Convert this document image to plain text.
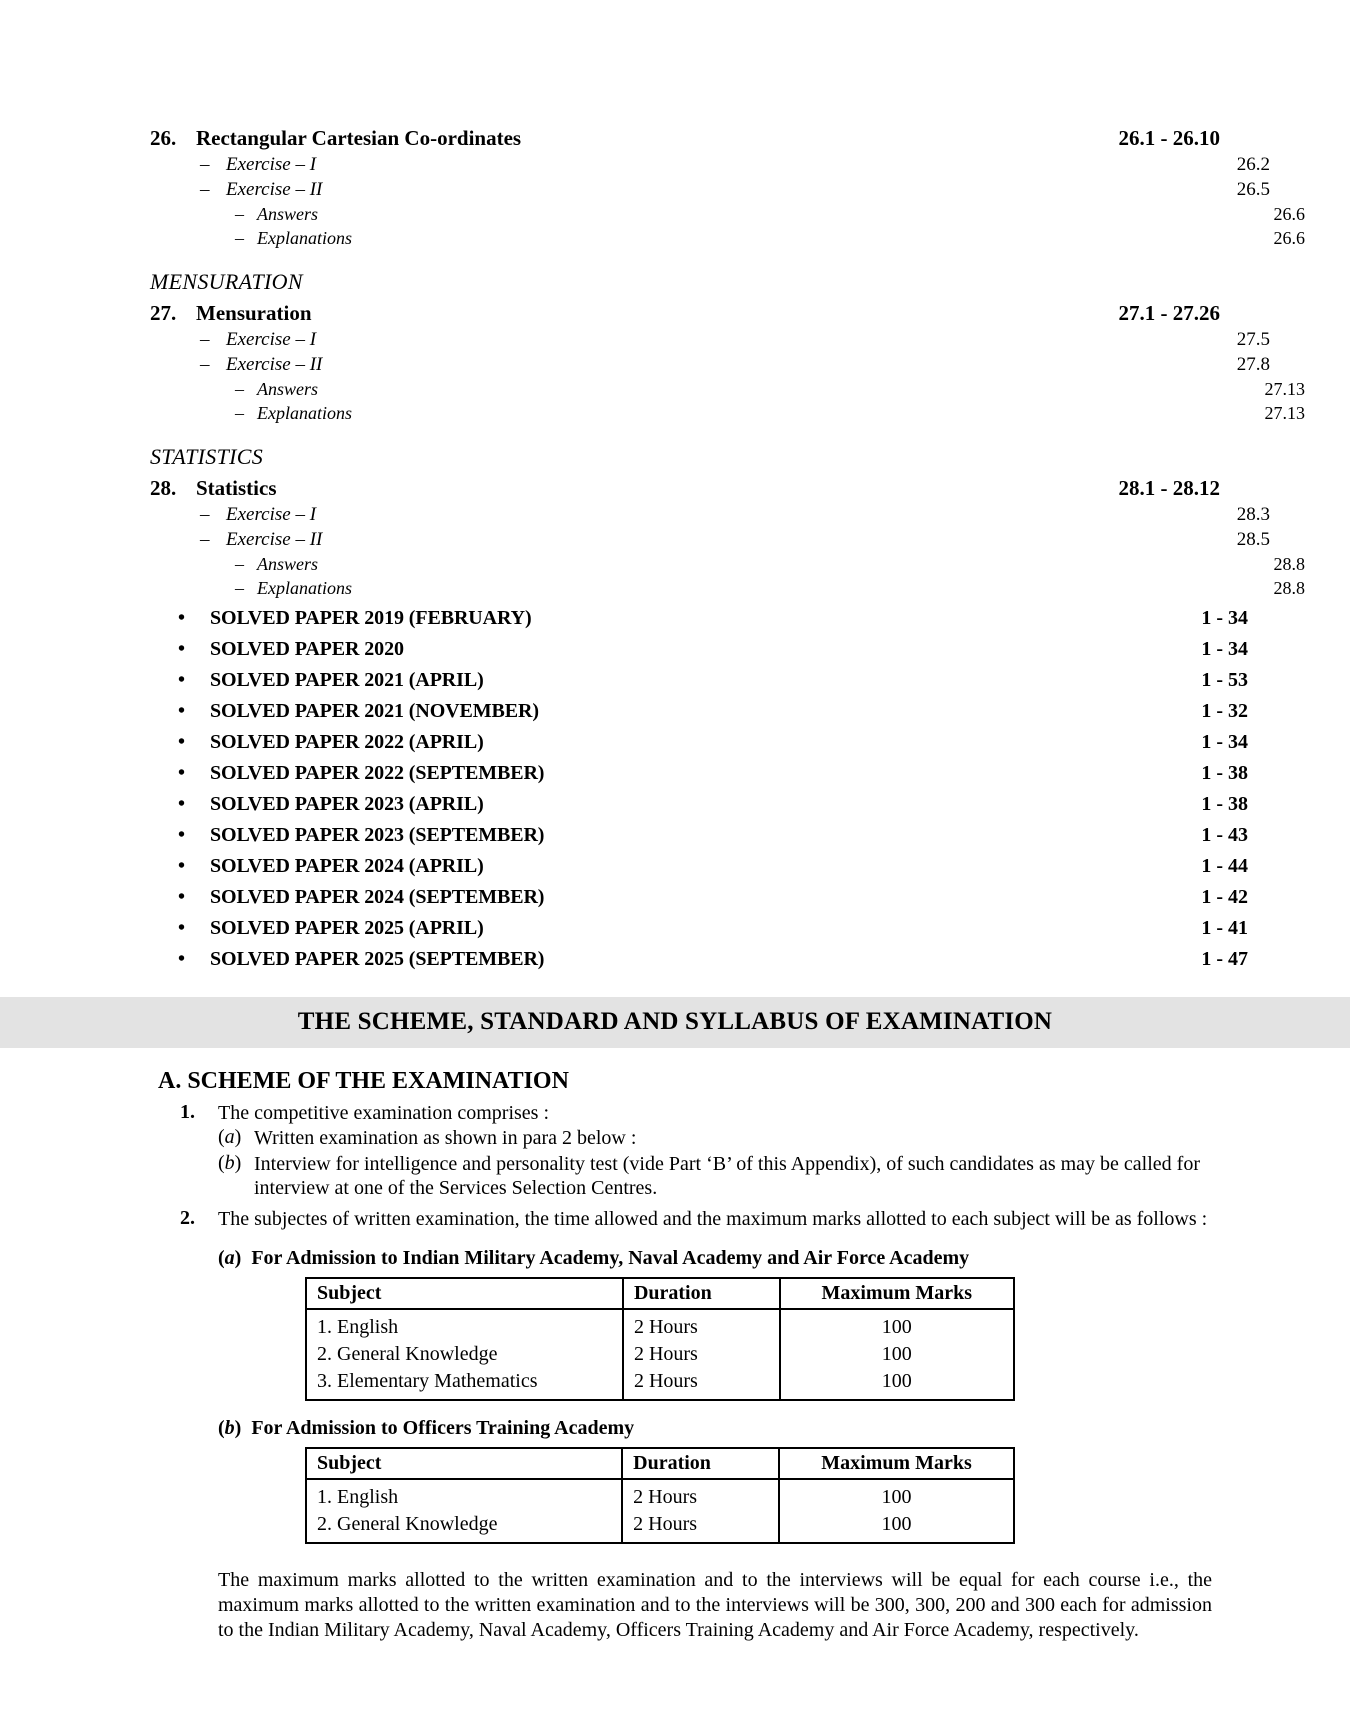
26. Rectangular Cartesian Co-ordinates	26.1 - 26.10
– Exercise – I	26.2
– Exercise – II	26.5
– Answers	26.6
– Explanations	26.6
MENSURATION
27. Mensuration	27.1 - 27.26
– Exercise – I	27.5
– Exercise – II	27.8
– Answers	27.13
– Explanations	27.13
STATISTICS
28. Statistics	28.1 - 28.12
– Exercise – I	28.3
– Exercise – II	28.5
– Answers	28.8
– Explanations	28.8
• SOLVED PAPER 2019 (FEBRUARY)	1 - 34
• SOLVED PAPER 2020	1 - 34
• SOLVED PAPER 2021 (APRIL)	1 - 53
• SOLVED PAPER 2021 (NOVEMBER)	1 - 32
• SOLVED PAPER 2022 (APRIL)	1 - 34
• SOLVED PAPER 2022 (SEPTEMBER)	1 - 38
• SOLVED PAPER 2023 (APRIL)	1 - 38
• SOLVED PAPER 2023 (SEPTEMBER)	1 - 43
• SOLVED PAPER 2024 (APRIL)	1 - 44
• SOLVED PAPER 2024 (SEPTEMBER)	1 - 42
• SOLVED PAPER 2025 (APRIL)	1 - 41
• SOLVED PAPER 2025 (SEPTEMBER)	1 - 47
THE SCHEME, STANDARD AND SYLLABUS OF EXAMINATION
A. SCHEME OF THE EXAMINATION
1.	The competitive examination comprises :
(a) Written examination as shown in para 2 below :
(b) Interview for intelligence and personality test (vide Part ‘B’ of this Appendix), of such candidates as may be called for interview at one of the Services Selection Centres.
2.	The subjectes of written examination, the time allowed and the maximum marks allotted to each subject will be as follows :
(a) For Admission to Indian Military Academy, Naval Academy and Air Force Academy
Subject	Duration	Maximum Marks
1. English	2 Hours	100
2. General Knowledge	2 Hours	100
3. Elementary Mathematics	2 Hours	100
(b) For Admission to Officers Training Academy
Subject	Duration	Maximum Marks
1. English	2 Hours	100
2. General Knowledge	2 Hours	100
The maximum marks allotted to the written examination and to the interviews will be equal for each course i.e., the maximum marks allotted to the written examination and to the interviews will be 300, 300, 200 and 300 each for admission to the Indian Military Academy, Naval Academy, Officers Training Academy and Air Force Academy, respectively.
